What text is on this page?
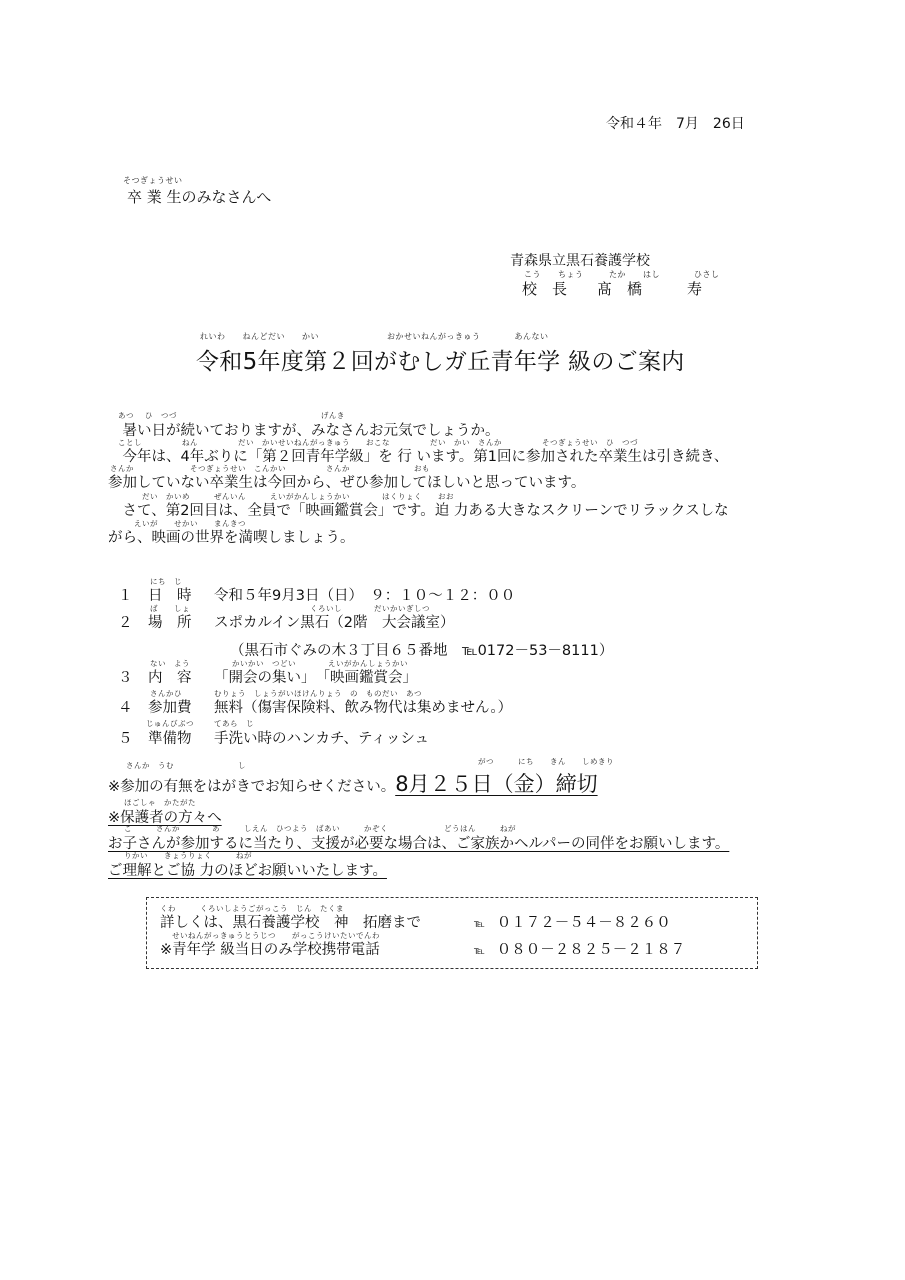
令和４年　7月　26日
そつぎょうせい
卒 業 生のみなさんへ
青森県立黒石養護学校
こう　　ちょう　　　たか　　はし　　　　ひさし
校　長　　髙　橋　　　寿
れいわ　　ねんどだい　　かい　　　　　　　　おかせいねんがっきゅう　　　　あんない
令和5年度第２回がむしガ丘青年学 級のご案内
あつ　 ひ　つづ　　　　　　　　　　　　　　　　　　げんき
　暑い日が続いておりますが、みなさんお元気でしょうか。
ことし　　　　　ねん　　　　　だい　かいせいねんがっきゅう　　おこな　　　　　だい　かい　さんか　　　　　そつぎょうせい　ひ　つづ
　今年は、4年ぶりに「第２回青年学級」を 行 います。第1回に参加された卒業生は引き続き、
さんか　　　　　　　そつぎょうせい　こんかい　　　　　さんか　　　　　　　　おも
参加していない卒業生は今回から、ぜひ参加してほしいと思っています。
　　　　だい　かいめ　　　ぜんいん　　　えいがかんしょうかい　　　　はくりょく　　おお
　さて、第2回目は、全員で「映画鑑賞会」です。迫 力ある大きなスクリーンでリラックスしな
　　　えいが　　せかい　　まんきつ
がら、映画の世界を満喫しましょう。
にち　じ
１ 日　時 令和５年9月3日（日）　９：１０～１２：００
ば　　しょ	くろいし　　　　だいかいぎしつ
２ 場　所 スポカルイン黒石（2階　大会議室）
（黒石市ぐみの木３丁目６５番地　℡0172－53－8111）
ない　よう	かいかい　つどい　　　　えいがかんしょうかい
３ 内　容 「開会の集い」　「映画鑑賞会」
さんかひ	むりょう　しょうがいほけんりょう　の　ものだい　あつ
４ 参加費 無料（傷害保険料、飲み物代は集めません。）
じゅんびぶつ	てあら　じ
５ 準備物 手洗い時のハンカチ、ティッシュ
さんか　うむ　　　　　　　　し	がつ　　　にち　　きん　　しめきり
※参加の有無をはがきでお知らせください。8月２５日（金）締切
ほごしゃ　かたがた
※保護者の方々へ
こ　　　さんか　　　　あ　　　しえん　ひつよう　ばあい　　　かぞく　　　　　　　どうはん　　　ねが
お子さんが参加するに当たり、支援が必要な場合は、ご家族かヘルパーの同伴をお願いします。
りかい　　きょうりょく　　　ねが
ご理解とご協 力のほどお願いいたします。
くわ　　　くろいしようごがっこう　じん　たくま
詳しくは、黒石養護学校　神　拓磨まで	℡ ０１７２－５４－８２６０
せいねんがっきゅうとうじつ　　がっこうけいたいでんわ
※青年学 級当日のみ学校携帯電話	℡ ０８０－２８２５－２１８７
